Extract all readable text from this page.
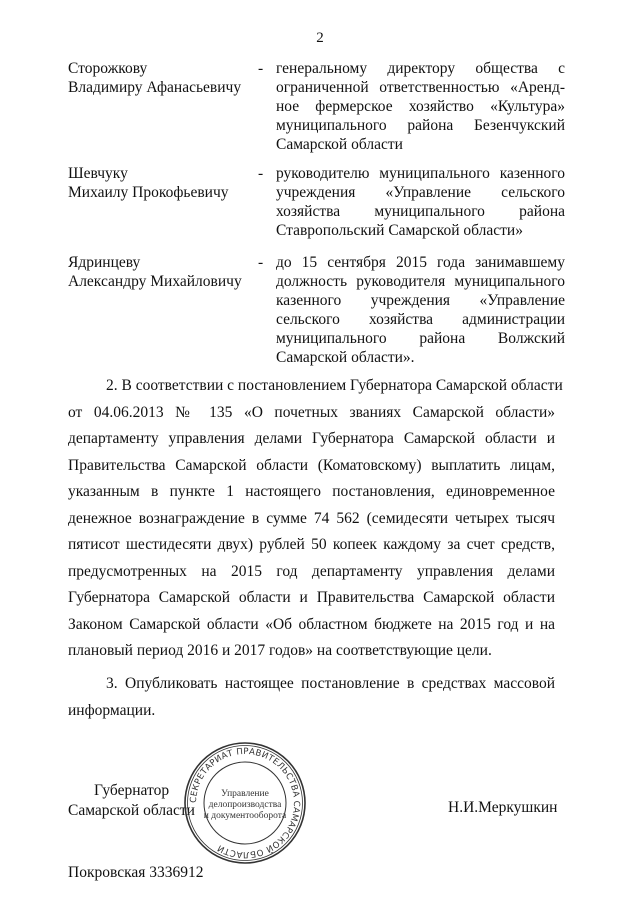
2
Сторожкову
Владимиру Афанасьевичу
- генеральному директору общества с
ограниченной ответственностью «Аренд-
ное фермерское хозяйство «Культура»
муниципального района Безенчукский
Самарской области
Шевчуку
Михаилу Прокофьевичу
- руководителю муниципального казенного
учреждения «Управление сельского
хозяйства муниципального района
Ставропольский Самарской области»
Ядринцеву
Александру Михайловичу
- до 15 сентября 2015 года занимавшему
должность руководителя муниципального
казенного учреждения «Управление
сельского хозяйства администрации
муниципального района Волжский
Самарской области».
2. В соответствии с постановлением Губернатора Самарской области
от 04.06.2013 № 135 «О почетных званиях Самарской области»
департаменту управления делами Губернатора Самарской области и
Правительства Самарской области (Коматовскому) выплатить лицам,
указанным в пункте 1 настоящего постановления, единовременное
денежное вознаграждение в сумме 74 562 (семидесяти четырех тысяч
пятисот шестидесяти двух) рублей 50 копеек каждому за счет средств,
предусмотренных на 2015 год департаменту управления делами
Губернатора Самарской области и Правительства Самарской области
Законом Самарской области «Об областном бюджете на 2015 год и на
плановый период 2016 и 2017 годов» на соответствующие цели.
3. Опубликовать настоящее постановление в средствах массовой
информации.
Губернатор
Самарской области
СЕКРЕТАРИАТ ПРАВИТЕЛЬСТВА САМАРСКОЙ ОБЛАСТИ
Управление
делопроизводства
и документооборота	Н.И.Меркушкин
Покровская 3336912
